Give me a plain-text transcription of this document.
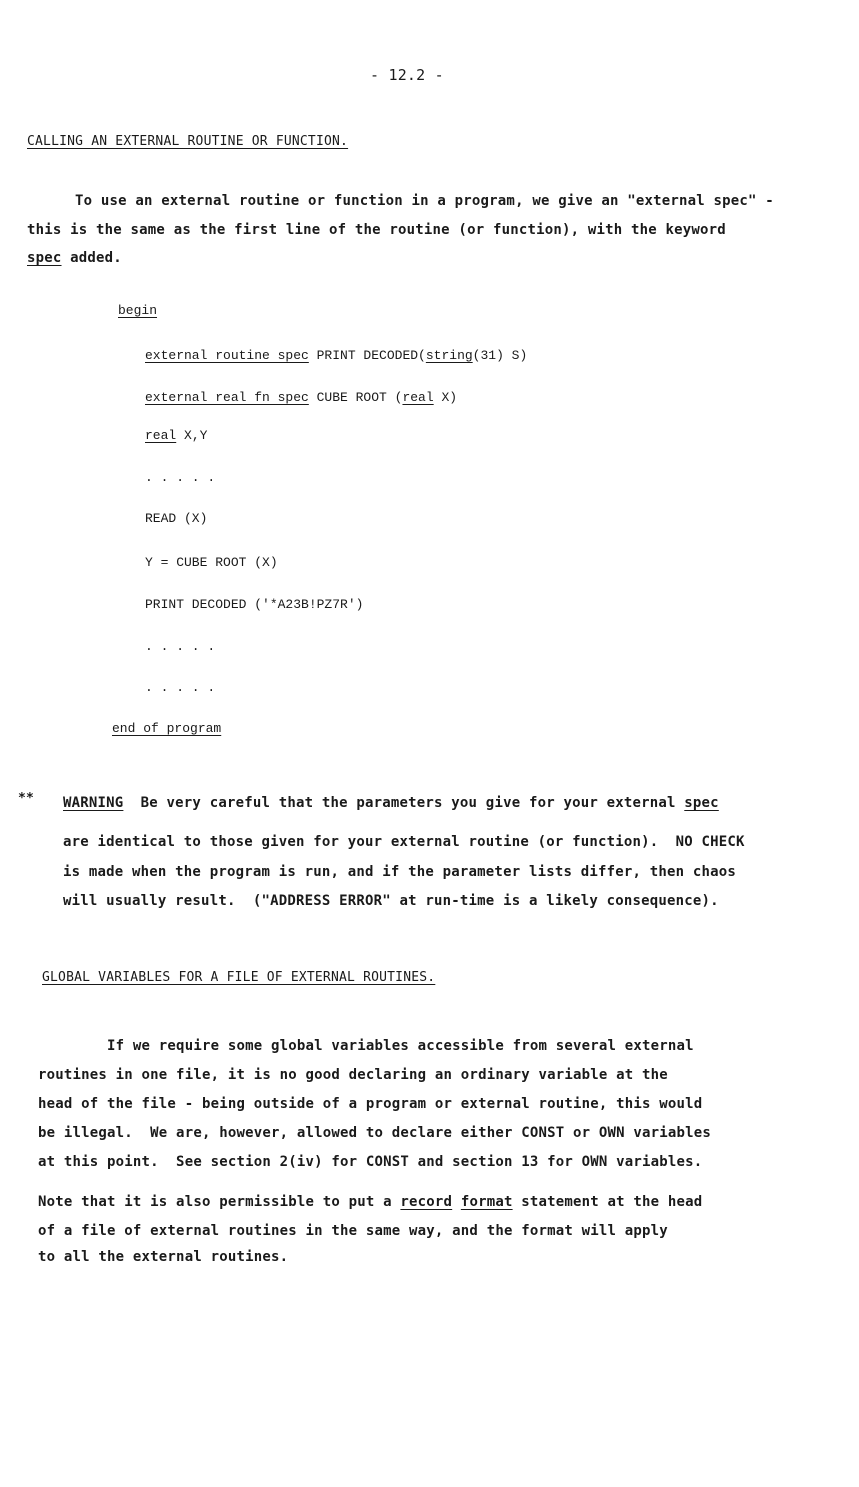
- 12.2 -
CALLING AN EXTERNAL ROUTINE OR FUNCTION.
To use an external routine or function in a program, we give an "external spec" -
this is the same as the first line of the routine (or function), with the keyword
spec added.
begin
external routine spec PRINT DECODED(string(31) S)
external real fn spec CUBE ROOT (real X)
real X,Y
. . . . .
READ (X)
Y = CUBE ROOT (X)
PRINT DECODED ('*A23B!PZ7R')
. . . . .
. . . . .
end of program
** WARNING  Be very careful that the parameters you give for your external spec
are identical to those given for your external routine (or function).  NO CHECK
is made when the program is run, and if the parameter lists differ, then chaos
will usually result.  ("ADDRESS ERROR" at run-time is a likely consequence).
GLOBAL VARIABLES FOR A FILE OF EXTERNAL ROUTINES.
If we require some global variables accessible from several external
routines in one file, it is no good declaring an ordinary variable at the
head of the file - being outside of a program or external routine, this would
be illegal.  We are, however, allowed to declare either CONST or OWN variables
at this point.  See section 2(iv) for CONST and section 13 for OWN variables.
Note that it is also permissible to put a record format statement at the head
of a file of external routines in the same way, and the format will apply
to all the external routines.
